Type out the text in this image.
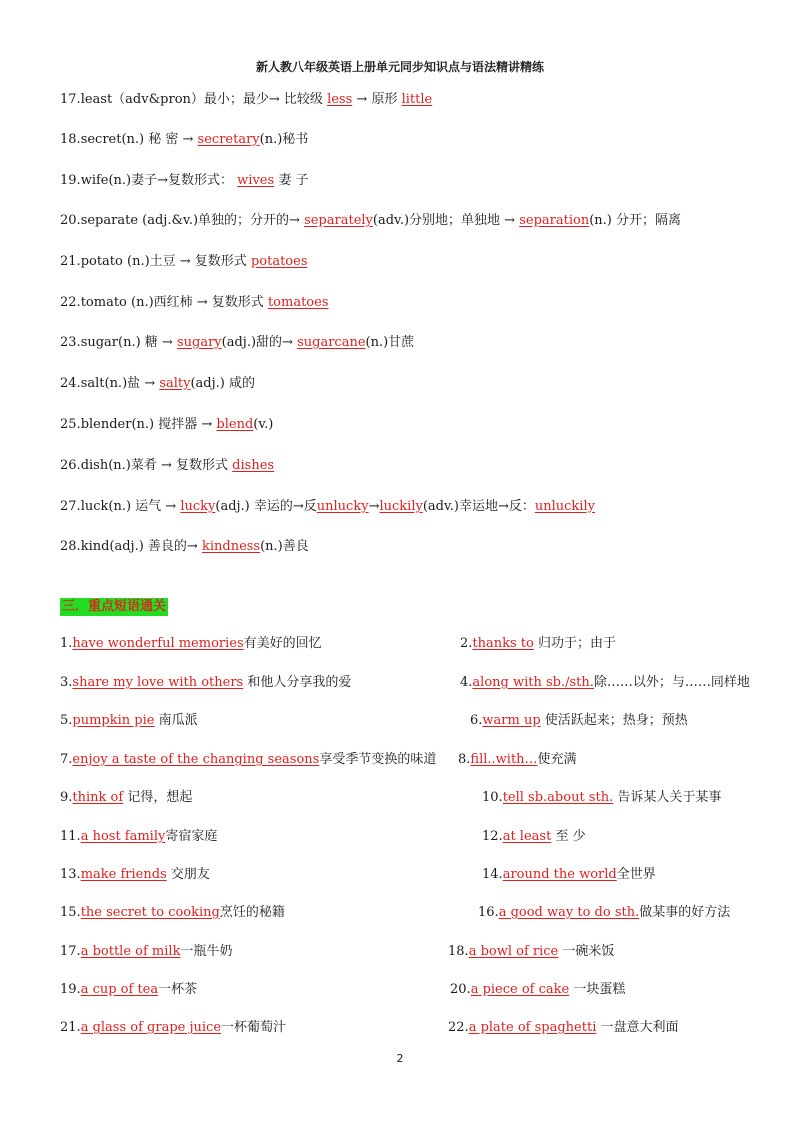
新人教八年级英语上册单元同步知识点与语法精讲精练
17.least（adv&pron）最小；最少→ 比较级 less → 原形 little
18.secret(n.) 秘 密 → secretary(n.)秘书
19.wife(n.)妻子→复数形式： wives 妻 子
20.separate (adj.&v.)单独的；分开的→ separately(adv.)分别地；单独地 → separation(n.) 分开；隔离
21.potato (n.)土豆 → 复数形式 potatoes
22.tomato (n.)西红柿 → 复数形式 tomatoes
23.sugar(n.) 糖 → sugary(adj.)甜的→ sugarcane(n.)甘蔗
24.salt(n.)盐 → salty(adj.) 咸的
25.blender(n.) 搅拌器 → blend(v.)
26.dish(n.)菜肴 → 复数形式 dishes
27.luck(n.) 运气 → lucky(adj.) 幸运的→反unlucky→luckily(adv.)幸运地→反：unluckily
28.kind(adj.) 善良的→ kindness(n.)善良
三．重点短语通关
1.have wonderful memories有美好的回忆	2.thanks to 归功于；由于
3.share my love with others 和他人分享我的爱	4.along with sb./sth.除……以外；与……同样地
5.pumpkin pie 南瓜派	6.warm up 使活跃起来；热身；预热
7.enjoy a taste of the changing seasons享受季节变换的味道 8.fill..with…使充满
9.think of 记得，想起	10.tell sb.about sth. 告诉某人关于某事
11.a host family寄宿家庭	12.at least 至 少
13.make friends 交朋友	14.around the world全世界
15.the secret to cooking烹饪的秘籍	16.a good way to do sth.做某事的好方法
17.a bottle of milk一瓶牛奶	18.a bowl of rice 一碗米饭
19.a cup of tea一杯茶	20.a piece of cake 一块蛋糕
21.a glass of grape juice一杯葡萄汁	22.a plate of spaghetti 一盘意大利面
2
